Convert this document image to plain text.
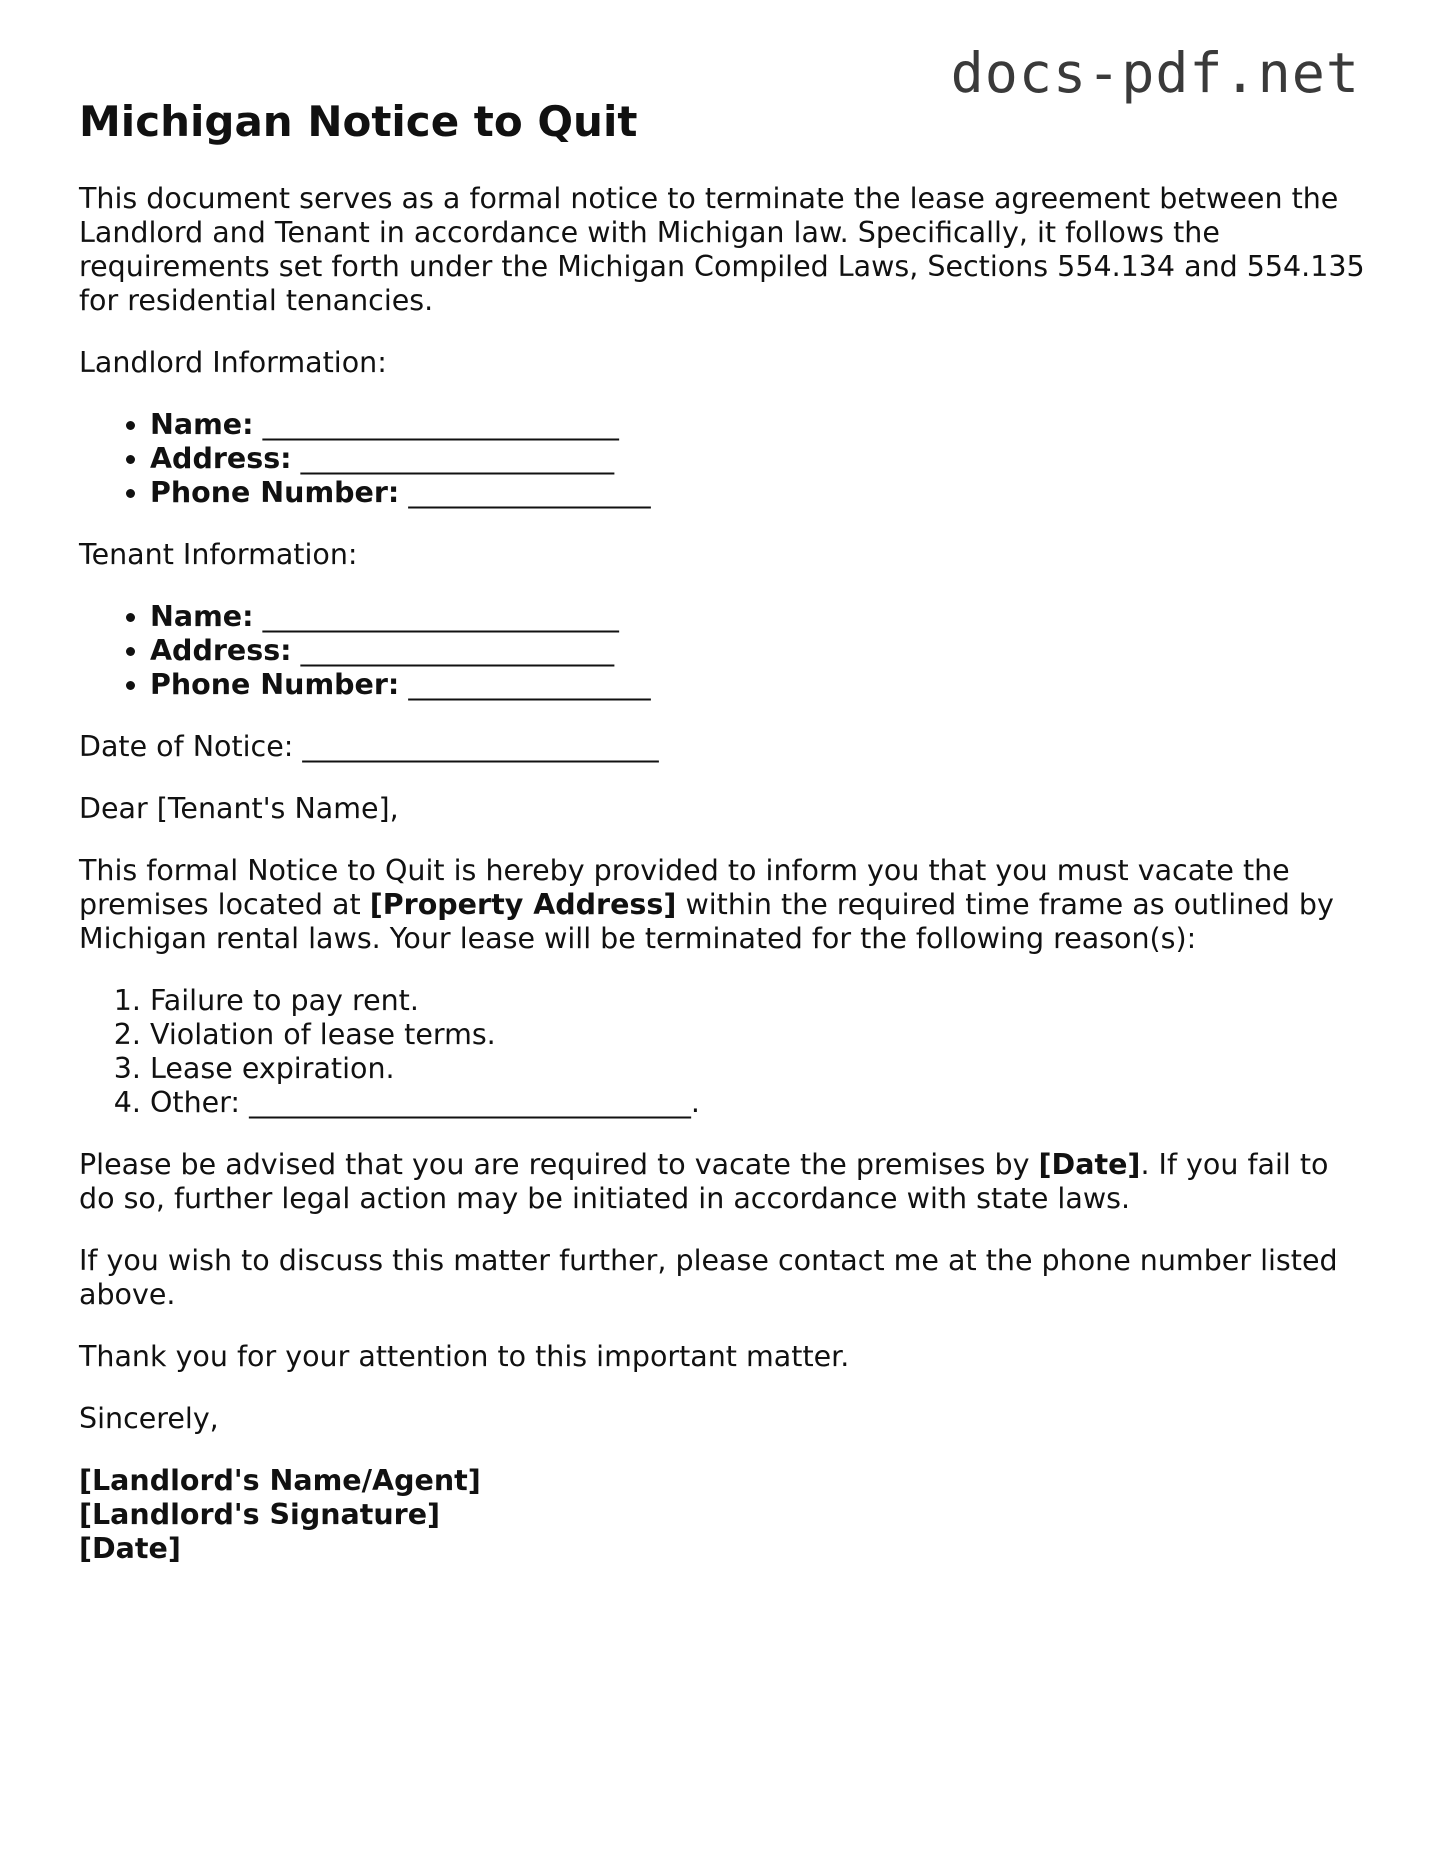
docs-pdf.net
Michigan Notice to Quit

This document serves as a formal notice to terminate the lease agreement between the Landlord and Tenant in accordance with Michigan law. Specifically, it follows the requirements set forth under the Michigan Compiled Laws, Sections 554.134 and 554.135 for residential tenancies.

Landlord Information:

• Name: _________________________
• Address: ______________________
• Phone Number: _________________

Tenant Information:

• Name: _________________________
• Address: ______________________
• Phone Number: _________________

Date of Notice: _________________________

Dear [Tenant's Name],

This formal Notice to Quit is hereby provided to inform you that you must vacate the premises located at [Property Address] within the required time frame as outlined by Michigan rental laws. Your lease will be terminated for the following reason(s):

1. Failure to pay rent.
2. Violation of lease terms.
3. Lease expiration.
4. Other: _______________________________.

Please be advised that you are required to vacate the premises by [Date]. If you fail to do so, further legal action may be initiated in accordance with state laws.

If you wish to discuss this matter further, please contact me at the phone number listed above.

Thank you for your attention to this important matter.

Sincerely,

[Landlord's Name/Agent]

[Landlord's Signature]

[Date]
